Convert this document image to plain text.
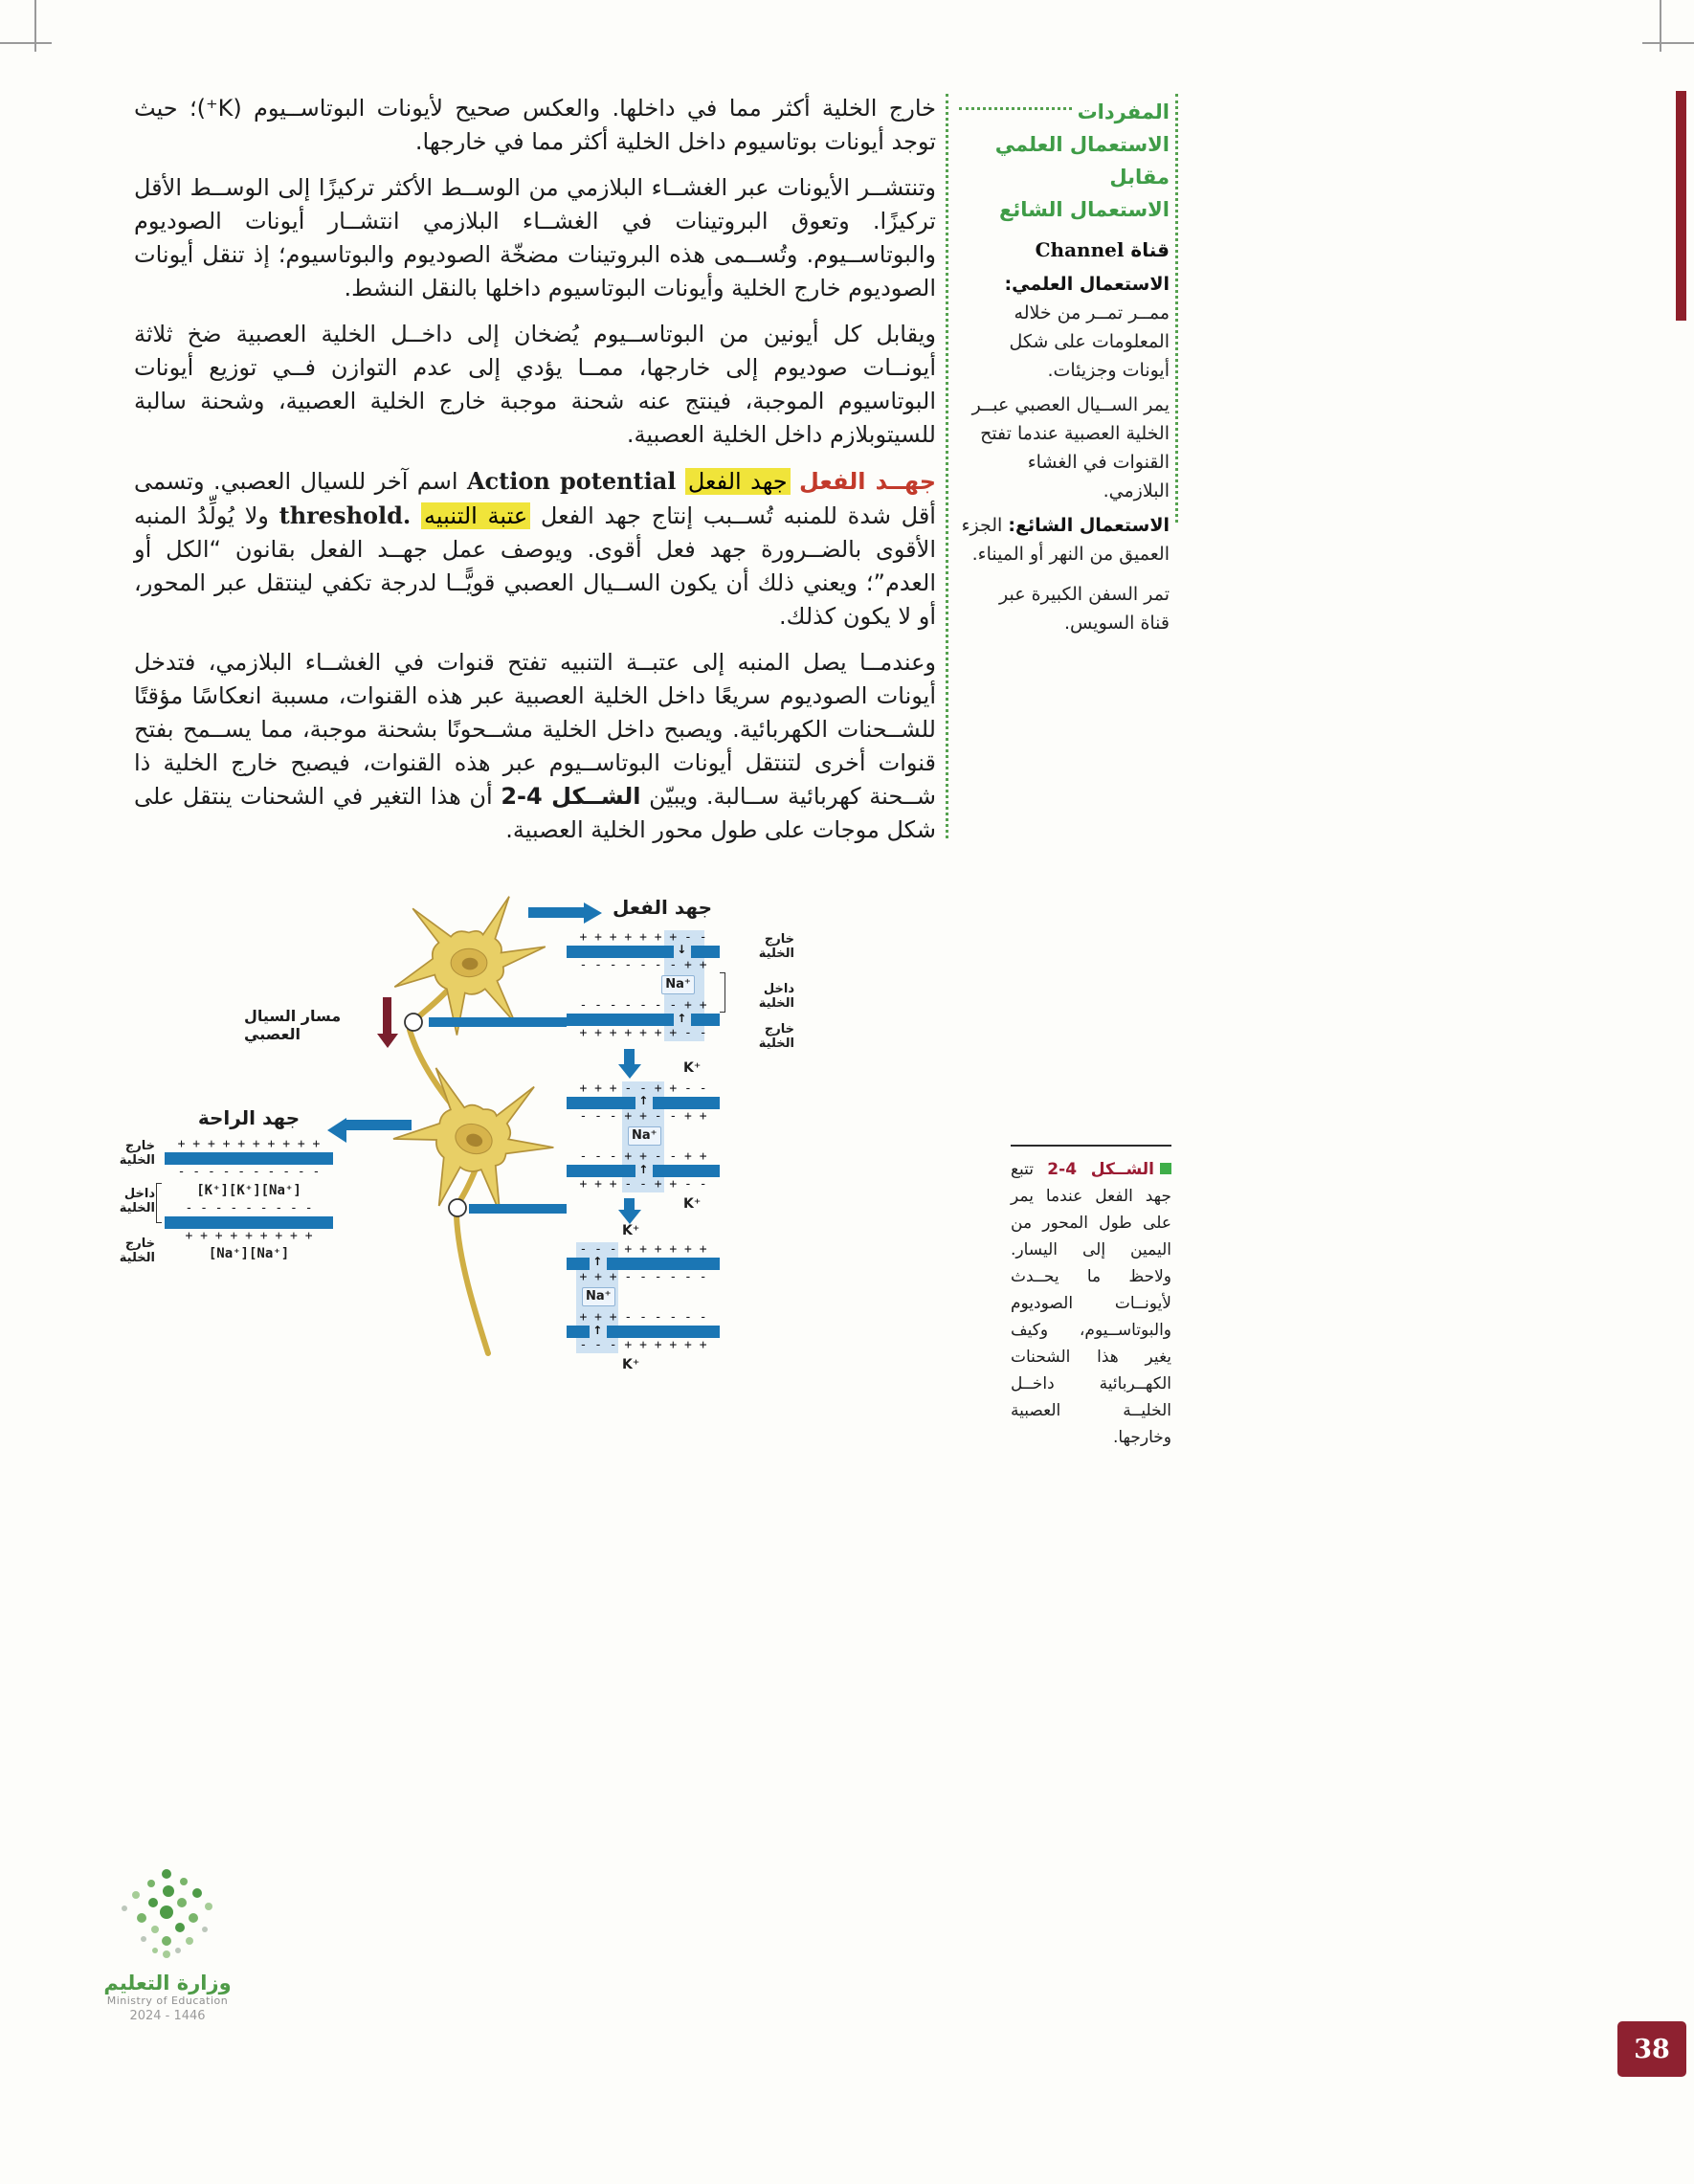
خارج الخلية أكثر مما في داخلها. والعكس صحيح لأيونات البوتاســيوم (K⁺)؛ حيث توجد أيونات بوتاسيوم داخل الخلية أكثر مما في خارجها.

وتنتشــر الأيونات عبر الغشــاء البلازمي من الوســط الأكثر تركيزًا إلى الوســط الأقل تركيزًا. وتعوق البروتينات في الغشــاء البلازمي انتشــار أيونات الصوديوم والبوتاســيوم. وتُســمى هذه البروتينات مضخّة الصوديوم والبوتاسيوم؛ إذ تنقل أيونات الصوديوم خارج الخلية وأيونات البوتاسيوم داخلها بالنقل النشط.

ويقابل كل أيونين من البوتاســيوم يُضخان إلى داخــل الخلية العصبية ضخ ثلاثة أيونــات صوديوم إلى خارجها، ممــا يؤدي إلى عدم التوازن فــي توزيع أيونات البوتاسيوم الموجبة، فينتج عنه شحنة موجبة خارج الخلية العصبية، وشحنة سالبة للسيتوبلازم داخل الخلية العصبية.

جهــد الفعل جهد الفعل Action potential اسم آخر للسيال العصبي. وتسمى أقل شدة للمنبه تُســبب إنتاج جهد الفعل عتبة التنبيه threshold. ولا يُولِّدُ المنبه الأقوى بالضــرورة جهد فعل أقوى. ويوصف عمل جهــد الفعل بقانون “الكل أو العدم”؛ ويعني ذلك أن يكون الســيال العصبي قويًّــا لدرجة تكفي لينتقل عبر المحور، أو لا يكون كذلك.

وعندمــا يصل المنبه إلى عتبــة التنبيه تفتح قنوات في الغشــاء البلازمي، فتدخل أيونات الصوديوم سريعًا داخل الخلية العصبية عبر هذه القنوات، مسببة انعكاسًا مؤقتًا للشــحنات الكهربائية. ويصبح داخل الخلية مشــحونًا بشحنة موجبة، مما يســمح بفتح قنوات أخرى لتنتقل أيونات البوتاســيوم عبر هذه القنوات، فيصبح خارج الخلية ذا شــحنة كهربائية ســالبة. ويبيّن الشــكل 4-2 أن هذا التغير في الشحنات ينتقل على شكل موجات على طول محور الخلية العصبية.

المفردات
الاستعمال العلمي مقابل
الاستعمال الشائع
قناة Channel
الاستعمال العلمي: ممــر تمــر من خلاله المعلومات على شكل أيونات وجزيئات.
يمر الســيال العصبي عبــر الخلية العصبية عندما تفتح القنوات في الغشاء البلازمي.
الاستعمال الشائع: الجزء العميق من النهر أو الميناء.
تمر السفن الكبيرة عبر قناة السويس.
مسار السيال العصبي
جهد الفعل
+ + + + + + + - -
- - - - - - - + +
Na⁺
- - - - - - - + +
+ + + + + + + - -
↓
↑
خارج الخلية
داخل الخلية
خارج الخلية
K⁺
+ + + - - + + - -
- - - + + - - + +
Na⁺
- - - + + - - + +
+ + + - - + + - -
↑
↑
K⁺
K⁺
- - - + + + + + +
+ + + - - - - - -
Na⁺
+ + + - - - - - -
- - - + + + + + +
↑
↑
K⁺
جهد الراحة
خارج الخلية
داخل الخلية
خارج الخلية
+ + + + + + + + + +
- - - - - - - - - -
[K⁺][K⁺][Na⁺]
- - - - - - - - -
+ + + + + + + + +
[Na⁺][Na⁺]
الشــكل 4-2 تتبع جهد الفعل عندما يمر على طول المحور من اليمين إلى اليسار. ولاحظ ما يحــدث لأيونــات الصوديوم والبوتاســيوم، وكيف يغير هذا الشحنات الكهــربائية داخــل الخليــة العصبية وخارجها.
وزارة التعليم
Ministry of Education
2024 - 1446
38
